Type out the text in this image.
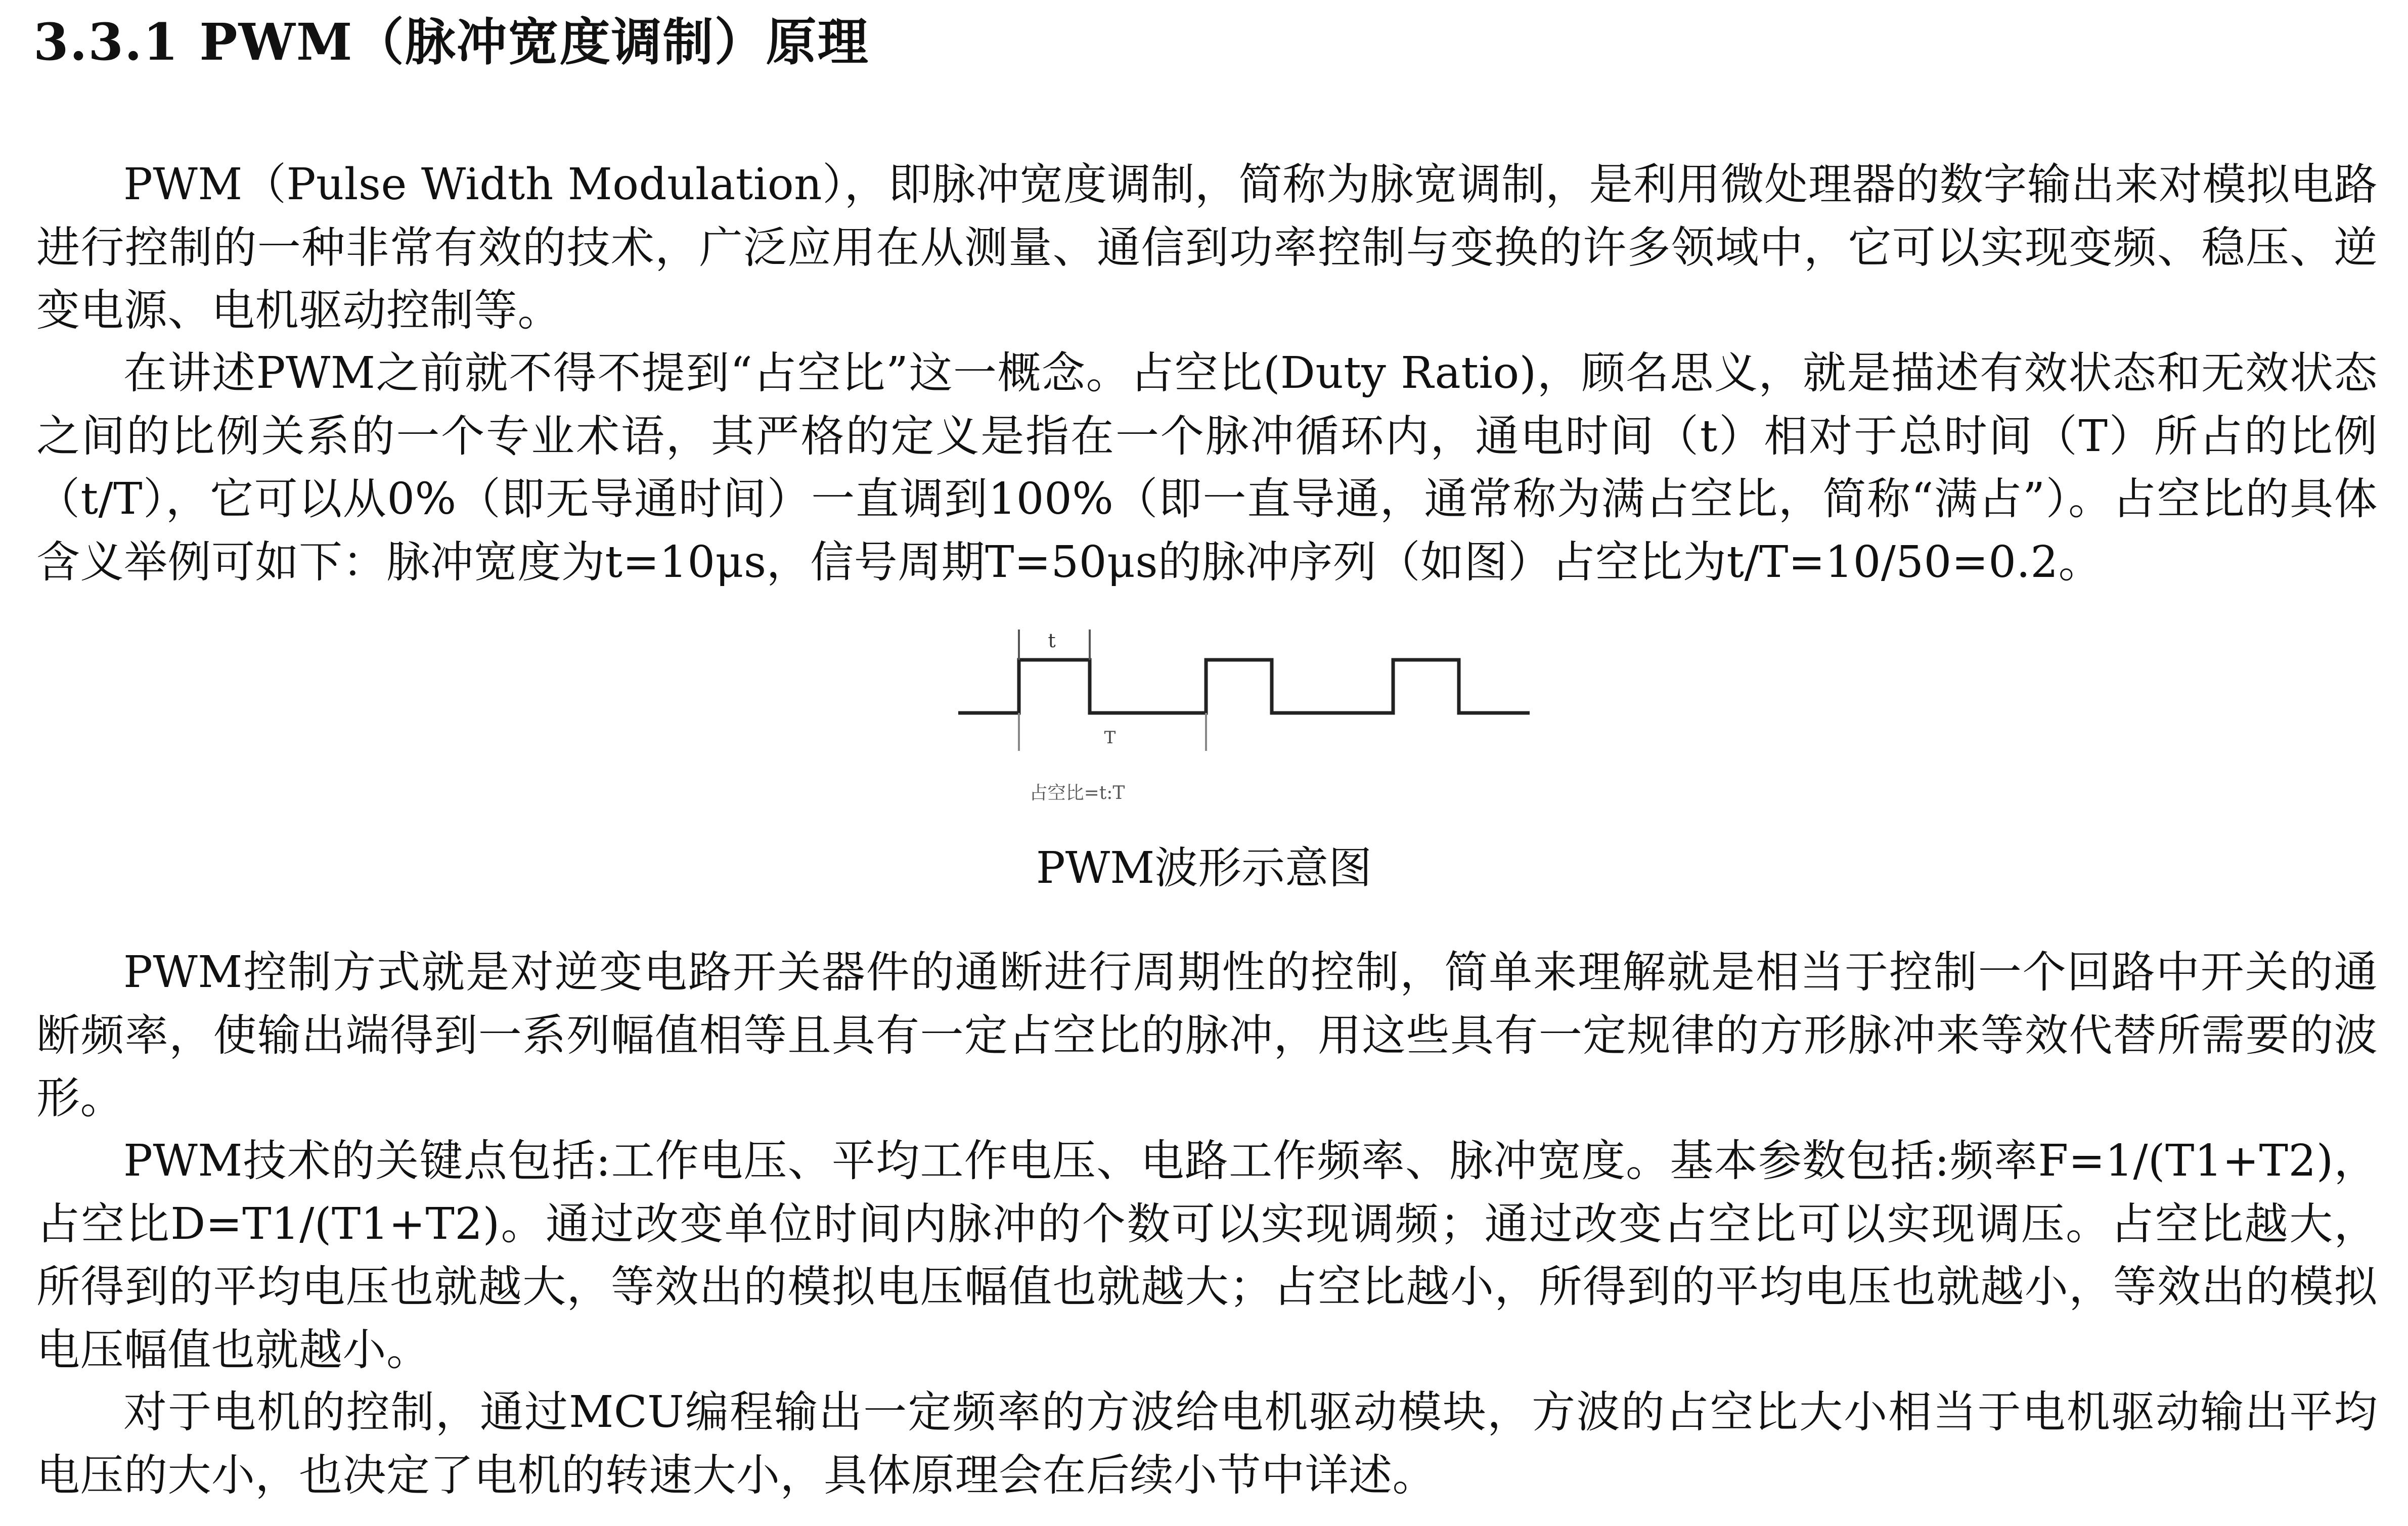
3.3.1 PWM（脉冲宽度调制）原理

PWM（Pulse Width Modulation），即脉冲宽度调制，简称为脉宽调制，是利用微处理器的数字输出来对模拟电路进行控制的一种非常有效的技术，广泛应用在从测量、通信到功率控制与变换的许多领域中，它可以实现变频、稳压、逆变电源、电机驱动控制等。

在讲述PWM之前就不得不提到“占空比”这一概念。占空比(Duty Ratio)，顾名思义，就是描述有效状态和无效状态之间的比例关系的一个专业术语，其严格的定义是指在一个脉冲循环内，通电时间（t）相对于总时间（T）所占的比例（t/T），它可以从0%（即无导通时间）一直调到100%（即一直导通，通常称为满占空比，简称“满占”）。占空比的具体含义举例可如下：脉冲宽度为t=10μs，信号周期T=50μs的脉冲序列（如图）占空比为t/T=10/50=0.2。

t
T
占空比=t:T
PWM波形示意图

PWM控制方式就是对逆变电路开关器件的通断进行周期性的控制，简单来理解就是相当于控制一个回路中开关的通断频率，使输出端得到一系列幅值相等且具有一定占空比的脉冲，用这些具有一定规律的方形脉冲来等效代替所需要的波形。

PWM技术的关键点包括:工作电压、平均工作电压、电路工作频率、脉冲宽度。基本参数包括:频率F=1/(T1+T2)，占空比D=T1/(T1+T2)。通过改变单位时间内脉冲的个数可以实现调频；通过改变占空比可以实现调压。占空比越大，所得到的平均电压也就越大，等效出的模拟电压幅值也就越大；占空比越小，所得到的平均电压也就越小，等效出的模拟电压幅值也就越小。

对于电机的控制，通过MCU编程输出一定频率的方波给电机驱动模块，方波的占空比大小相当于电机驱动输出平均电压的大小，也决定了电机的转速大小，具体原理会在后续小节中详述。
